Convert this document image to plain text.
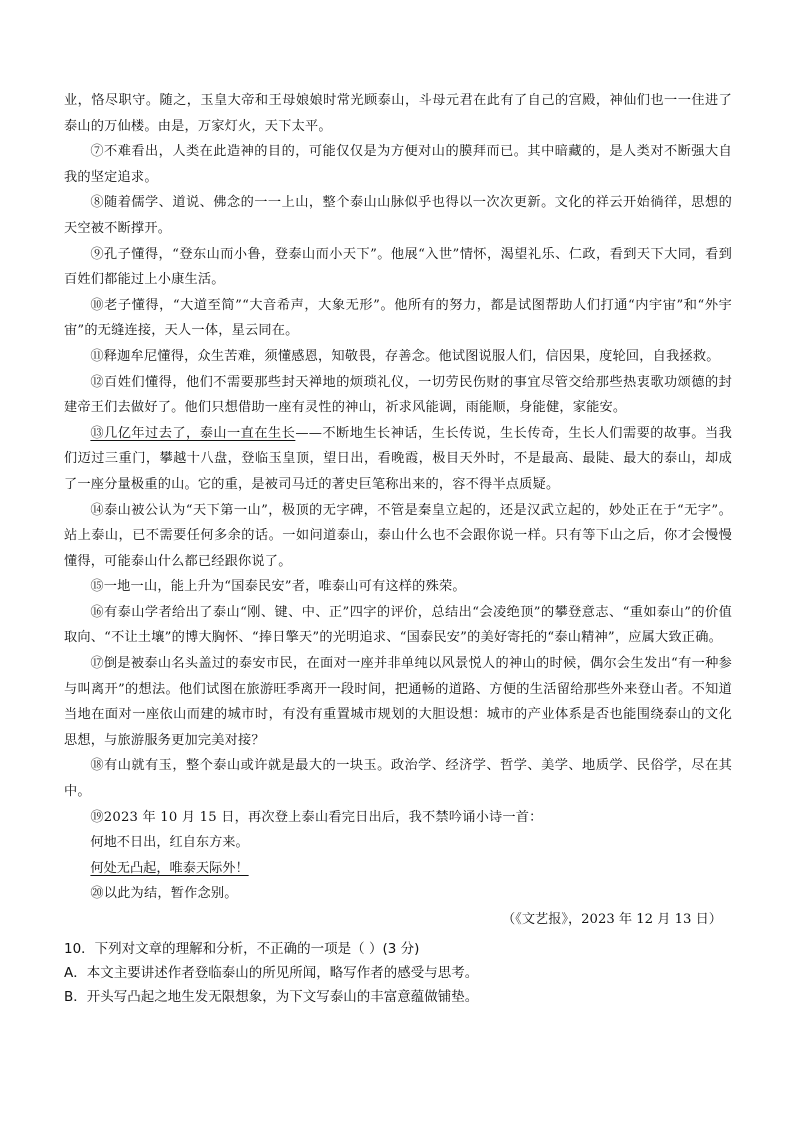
业，恪尽职守。随之，玉皇大帝和王母娘娘时常光顾泰山，斗母元君在此有了自己的宫殿，神仙们也一一住进了泰山的万仙楼。由是，万家灯火，天下太平。

⑦不难看出，人类在此造神的目的，可能仅仅是为方便对山的膜拜而已。其中暗藏的，是人类对不断强大自我的坚定追求。

⑧随着儒学、道说、佛念的一一上山，整个泰山山脉似乎也得以一次次更新。文化的祥云开始徜徉，思想的天空被不断撑开。

⑨孔子懂得，“登东山而小鲁，登泰山而小天下”。他展“入世”情怀，渴望礼乐、仁政，看到天下大同，看到百姓们都能过上小康生活。

⑩老子懂得，“大道至简”“大音希声，大象无形”。他所有的努力，都是试图帮助人们打通“内宇宙”和“外宇宙”的无缝连接，天人一体，星云同在。

⑪释迦牟尼懂得，众生苦难，须懂感恩，知敬畏，存善念。他试图说服人们，信因果，度轮回，自我拯救。

⑫百姓们懂得，他们不需要那些封天禅地的烦琐礼仪，一切劳民伤财的事宜尽管交给那些热衷歌功颂德的封建帝王们去做好了。他们只想借助一座有灵性的神山，祈求风能调，雨能顺，身能健，家能安。

⑬几亿年过去了，泰山一直在生长——不断地生长神话，生长传说，生长传奇，生长人们需要的故事。当我们迈过三重门，攀越十八盘，登临玉皇顶，望日出，看晚霞，极目天外时，不是最高、最陡、最大的泰山，却成了一座分量极重的山。它的重，是被司马迁的著史巨笔称出来的，容不得半点质疑。

⑭泰山被公认为“天下第一山”，极顶的无字碑，不管是秦皇立起的，还是汉武立起的，妙处正在于“无字”。站上泰山，已不需要任何多余的话。一如问道泰山，泰山什么也不会跟你说一样。只有等下山之后，你才会慢慢懂得，可能泰山什么都已经跟你说了。

⑮一地一山，能上升为“国泰民安”者，唯泰山可有这样的殊荣。

⑯有泰山学者给出了泰山“刚、键、中、正”四字的评价，总结出“会凌绝顶”的攀登意志、“重如泰山”的价值取向、“不让土壤”的博大胸怀、“捧日擎天”的光明追求、“国泰民安”的美好寄托的“泰山精神”，应属大致正确。

⑰倒是被泰山名头盖过的泰安市民，在面对一座并非单纯以风景悦人的神山的时候，偶尔会生发出“有一种参与叫离开”的想法。他们试图在旅游旺季离开一段时间，把通畅的道路、方便的生活留给那些外来登山者。不知道当地在面对一座依山而建的城市时，有没有重置城市规划的大胆设想：城市的产业体系是否也能围绕泰山的文化思想，与旅游服务更加完美对接？

⑱有山就有玉，整个泰山或许就是最大的一块玉。政治学、经济学、哲学、美学、地质学、民俗学，尽在其中。

⑲2023 年 10 月 15 日，再次登上泰山看完日出后，我不禁吟诵小诗一首：

何地不日出，红自东方来。

何处无凸起，唯泰天际外！

⑳以此为结，暂作念别。

（《文艺报》，2023 年 12 月 13 日）

10．下列对文章的理解和分析，不正确的一项是（ ）(3 分)

A．本文主要讲述作者登临泰山的所见所闻，略写作者的感受与思考。

B．开头写凸起之地生发无限想象，为下文写泰山的丰富意蕴做铺垫。
